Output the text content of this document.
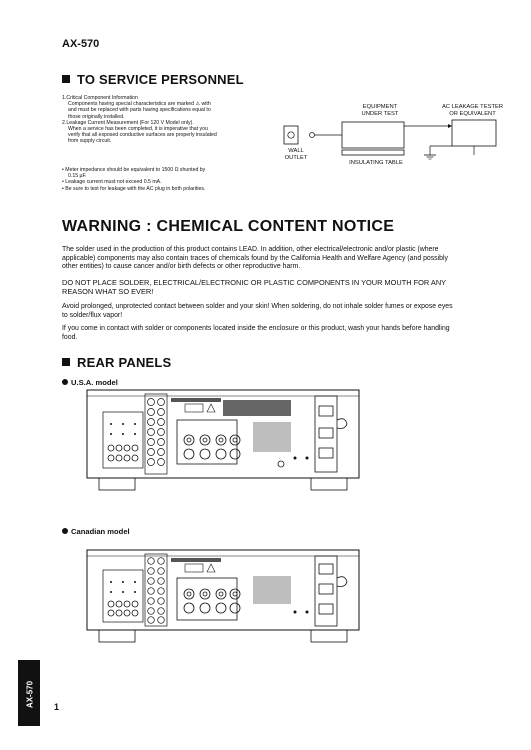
AX-570
TO SERVICE PERSONNEL
1.Critical Component Information
Components having special characteristics are marked ⚠ with
and must be replaced with parts having specifications equal to
those originally installed.
2.Leakage Current Measurement (For 120 V Model only).
When a service has been completed, it is imperative that you
verify that all exposed conductive surfaces are properly insulated
from supply circuit.
• Meter impedance should be equivalent to 1500 Ω shunted by
0.15 µF.
• Leakage current must not exceed 0.5 mA.
• Be sure to test for leakage with the AC plug in both polarities.
EQUIPMENT
UNDER TEST
AC LEAKAGE TESTER
OR EQUIVALENT
WALL
OUTLET
INSULATING TABLE
WARNING : CHEMICAL CONTENT NOTICE
The solder used in the production of this product contains LEAD. In addition, other electrical/electronic and/or plastic (where
applicable) components may also contain traces of chemicals found by the California Health and Welfare Agency (and possibly
other entities) to cause cancer and/or birth defects or other reproductive harm.
DO NOT PLACE SOLDER, ELECTRICAL/ELECTRONIC OR PLASTIC COMPONENTS IN YOUR MOUTH FOR ANY
REASON WHAT SO EVER!
Avoid prolonged, unprotected contact between solder and your skin! When soldering, do not inhale solder fumes or expose eyes
to solder/flux vapor!
If you come in contact with solder or components located inside the enclosure or this product, wash your hands before handling
food.
REAR PANELS
U.S.A. model
Canadian model
AX-570 1
